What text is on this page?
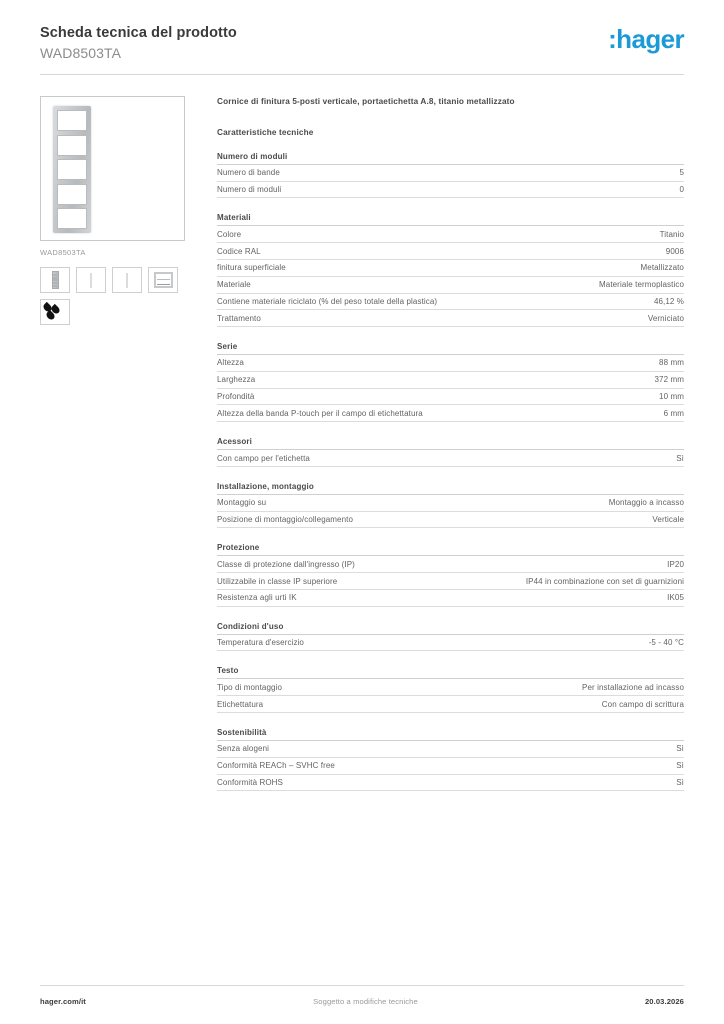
Scheda tecnica del prodotto
WAD8503TA	:hager
WAD8503TA
Cornice di finitura 5-posti verticale, portaetichetta A.8, titanio metallizzato
Caratteristiche tecniche
Numero di moduli
Numero di bande	5
Numero di moduli	0
Materiali
Colore	Titanio
Codice RAL	9006
finitura superficiale	Metallizzato
Materiale	Materiale termoplastico
Contiene materiale riciclato (% del peso totale della plastica)	46,12 %
Trattamento	Verniciato
Serie
Altezza	88 mm
Larghezza	372 mm
Profondità	10 mm
Altezza della banda P-touch per il campo di etichettatura	6 mm
Acessori
Con campo per l'etichetta	Sì
Installazione, montaggio
Montaggio su	Montaggio a incasso
Posizione di montaggio/collegamento	Verticale
Protezione
Classe di protezione dall'ingresso (IP)	IP20
Utilizzabile in classe IP superiore	IP44 in combinazione con set di guarnizioni
Resistenza agli urti IK	IK05
Condizioni d'uso
Temperatura d'esercizio	-5 - 40 °C
Testo
Tipo di montaggio	Per installazione ad incasso
Etichettatura	Con campo di scrittura
Sostenibilità
Senza alogeni	Sì
Conformità REACh – SVHC free	Sì
Conformità ROHS	Sì
hager.com/it	Soggetto a modifiche tecniche	20.03.2026
